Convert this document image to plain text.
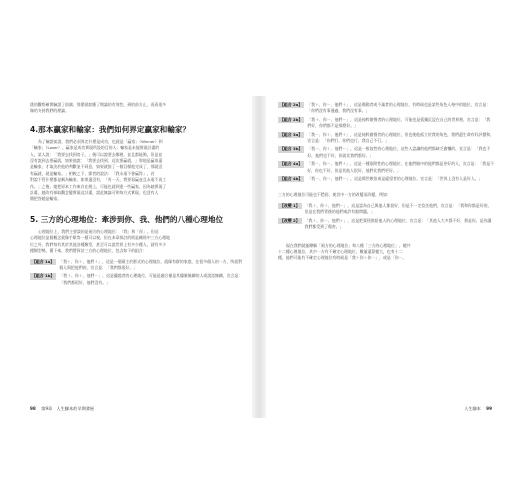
挑的觀察確實驗證了前調，那麼就如應了期論的有效性，到的前方止，再看很多

像的支持我們的理論。

4.那本贏家和輸家：我們如何界定贏家和輸家？

為了驗證前證，我們必須界定什麼是成功，也就是「贏家」（Winner）和

「輸家」（Loser）。贏家是成功實現所設的目的人；輸家是未能實現計畫的

人，某人說：「我要去找到房子。」後可以說要去哪裡，並且都能夠，但是並

沒有說到去要贏就，如果他說：「我要去找到，這次要贏就，」那他是贏家還

是輸家，才取決於他的判斷並不同意，如果就接了一個目標他完成了，那就沒

有贏就，就是輸家。」相較之下，節者的說法：「我永遠不會贏得」，若

對說不管什麼都是稱為輸家，如果還沒有，「有一天，我要看贏並且永遠不再工

作。」之後，她把原本工作來存在錢上，可能也就到達一些贏家，因為她實現了

計畫，她改有採取觀念變實現這計畫，說此無論可明每方式實現，也沒有人

簡把答她是輸家。

5. 三方的心理地位：牽涉到你、我、他們的八種心理地位

心理地位上，我們主要談的是兩方的心理地位：「我」和「你」。但這

心理地位是個概念就像手紙等一樣可以視，但在本章探討的則是關係中三方心理地

位之外，我們每有其於其他各種類型，甚至可以說世界上有多少種人，就有多少

種類型嗎，簡下來，我們將探討三方的心理地位，包含如下的組合：

【組合 1a】	「我＋、你＋、他們＋」，這是一個頭主於群式的心理地位，就像有群的家庭、在很多個人的一方，所面對個人與把他們的，宣言是：「我們都很好。」
【組合 1b】	「我＋、你＋、他們－」，這是優越者的心理地位，可能是融合僅是其優雅無關的人或說話無關，宣言是：「我們都很好，他們沒有。」
98 第9章　人生腳本的早期發展
【組合 2a】	「我＋、你－、他們＋」，這是傷動者或不滿者的心理地位，有時候也是某些角色人格中的地位，宣言是：「你們沒有事通過，我們沒有事。」
【組合 2b】	「我＋、你－、他們－」，這是純粹傲慢者的心理地位，可能也是孤獨沉浸在自己的世界裡，宣言是：「我們好，你們都不是那麼好。」
【組合 3a】	「我－、你＋、他們＋」，這是純粹傲慢者的心理地位，但也使他孤立於我的角色，我們還生命有好評價和，宣言是：「你們行，你們也行，我自己不行。」
【組合 3b】	「我－、你＋、他們－」，這是一般奴性的心理地位，這些人認識的他們都缺乏偷懶的，宣言是：「我也不好，他們也不好，你就比我們都好。」
【組合 4a】	「我－、你－、他們＋」，這是一種依附性的心理地位，在他們眼中的他們都是更好的人，宣言是：「我是不好，你也不好，但是其他人很好，他們比我們更好。」
【組合 4b】	「我－、你－、他們－」，這是憤世嫉俗或是絕望者的心理地位，宣言是：「世界上沒有人是好人。」

三方的心理地位可能也不穩固，使其中一方的改變而改變，例如：

【改變 1】	「我＋、你＋、他們－」，這是認為自己與他人都很好，但是不一定信任他們，宣言是：「我和你都是好的，但是在我們背後的他們或許有點問題。」
【改變 2】	「我＋、你－、他們＋」，這是把責怪推給他人的心理地位，宣言是：「其他人大多都不好，那是你，是你讓我們都受到了傷害。」

現在我們就能瞭解「兩方的心理地位」和八種「三方的心理地位」，總共

十二種心理地位，其中一方有不確定心理地位，數量還算蠻大，也有十二

種，他們可能有不確定心理地位有時候是「我＋你＋你－」，或是「你－、

人生腳本 99
